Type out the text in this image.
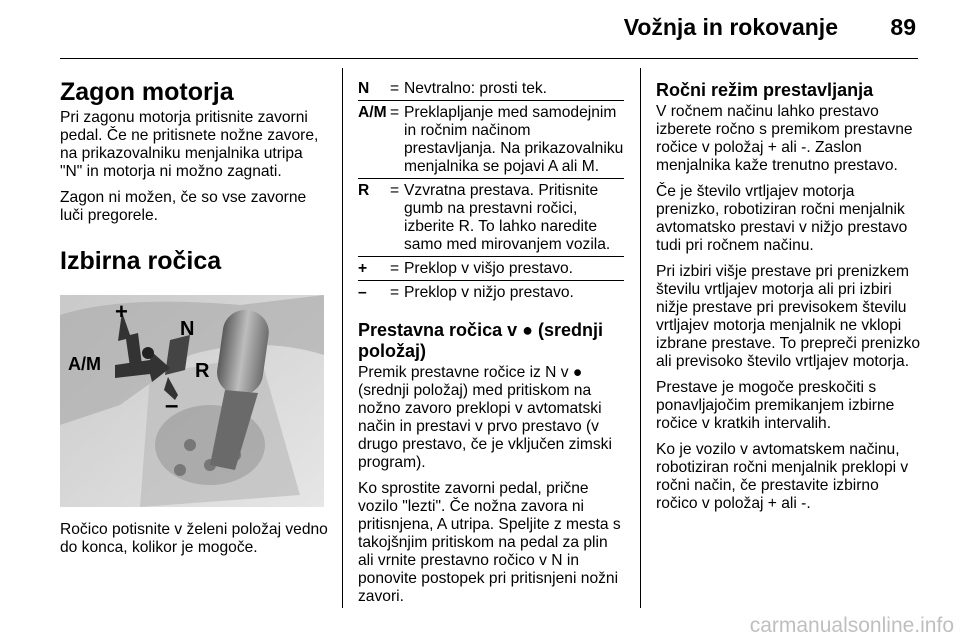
Vožnja in rokovanje 89
Zagon motorja

Pri zagonu motorja pritisnite zavorni pedal. Če ne pritisnete nožne zavore, na prikazovalniku menjalnika utripa "N" in motorja ni možno zagnati.

Zagon ni možen, če so vse zavorne luči pregorele.

Izbirna ročica
+
N
A/M	R
–

Ročico potisnite v želeni položaj vedno do konca, kolikor je mogoče.

N	= Nevtralno: prosti tek.
A/M = Preklapljanje med samodejnim in ročnim načinom prestavljanja. Na prikazovalniku menjalnika se pojavi A ali M.
R	= Vzvratna prestava. Pritisnite gumb na prestavni ročici, izberite R. To lahko naredite samo med mirovanjem vozila.
+	= Preklop v višjo prestavo.
–	= Preklop v nižjo prestavo.
Prestavna ročica v ● (srednji položaj)

Premik prestavne ročice iz N v ● (srednji položaj) med pritiskom na nožno zavoro preklopi v avtomatski način in prestavi v prvo prestavo (v drugo prestavo, če je vključen zimski program).

Ko sprostite zavorni pedal, pričnе vozilo "lezti". Če nožna zavora ni pritisnjena, A utripa. Speljite z mesta s takojšnjim pritiskom na pedal za plin ali vrnite prestavno ročico v N in ponovite postopek pri pritisnjeni nožni zavori.

Ročni režim prestavljanja

V ročnem načinu lahko prestavo izberete ročno s premikom prestavne ročice v položaj + ali -. Zaslon menjalnika kaže trenutno prestavo.

Če je število vrtljajev motorja prenizko, robotiziran ročni menjalnik avtomatsko prestavi v nižjo prestavo tudi pri ročnem načinu.

Pri izbiri višje prestave pri prenizkem številu vrtljajev motorja ali pri izbiri nižje prestave pri previsokem številu vrtljajev motorja menjalnik ne vklopi izbrane prestave. To prepreči prenizko ali previsoko število vrtljajev motorja.

Prestave je mogoče preskočiti s ponavljajočim premikanjem izbirne ročice v kratkih intervalih.

Ko je vozilo v avtomatskem načinu, robotiziran ročni menjalnik preklopi v ročni način, če prestavite izbirno ročico v položaj + ali -.

carmanualsonline.info
